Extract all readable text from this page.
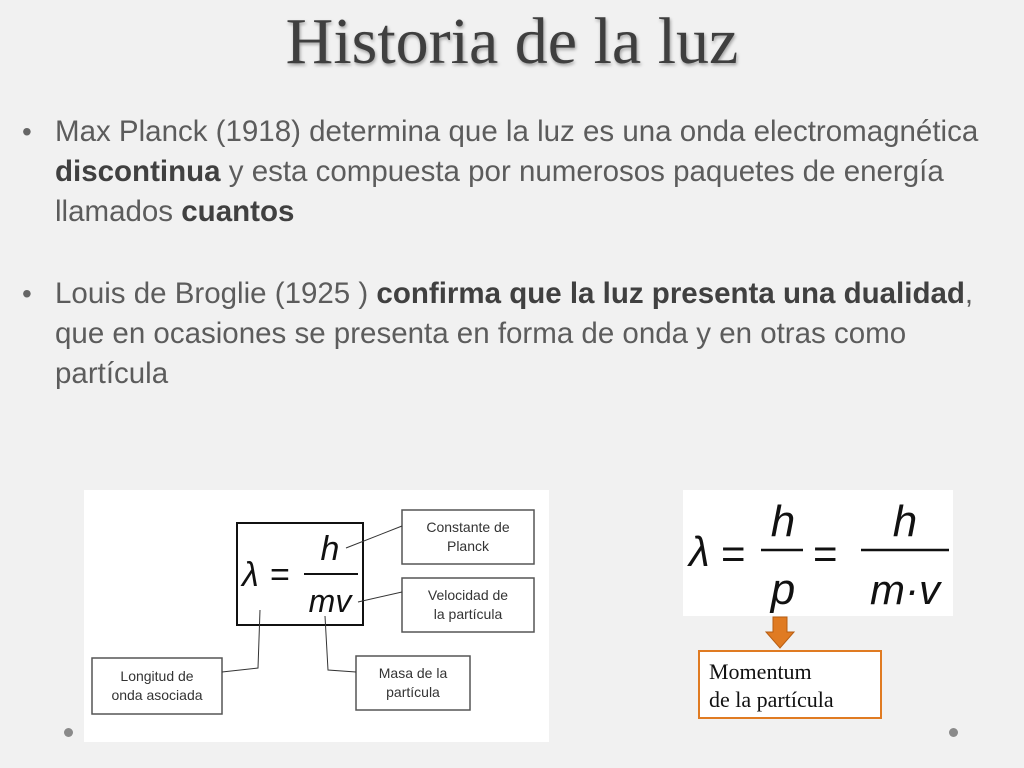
Historia de la luz
• Max Planck (1918) determina que la luz es una onda electromagnética discontinua y esta compuesta por numerosos paquetes de energía llamados cuantos
• Louis de Broglie (1925 ) confirma que la luz presenta una dualidad, que en ocasiones se presenta en forma de onda y en otras como partícula
λ =
h
mv
Constante de
Planck
Velocidad de
la partícula
Masa de la
partícula
Longitud de
onda asociada
λ =
h
p
=
h
m·v
Momentum
de la partícula
